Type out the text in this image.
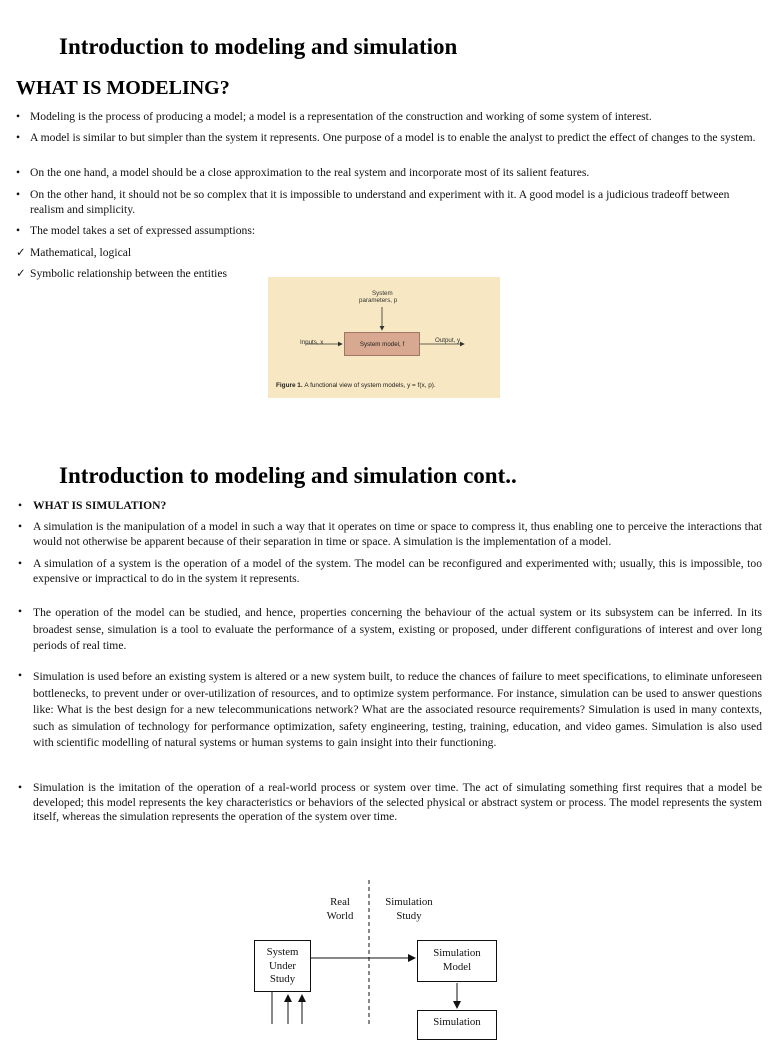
Introduction to modeling and simulation
WHAT IS MODELING?
• Modeling is the process of producing a model; a model is a representation of the construction and working of some system of interest.
• A model is similar to but simpler than the system it represents. One purpose of a model is to enable the analyst to predict the effect of changes to the system.
• On the one hand, a model should be a close approximation to the real system and incorporate most of its salient features.
• On the other hand, it should not be so complex that it is impossible to understand and experiment with it. A good model is a judicious tradeoff between realism and simplicity.
• The model takes a set of expressed assumptions:
✓ Mathematical, logical
✓ Symbolic relationship between the entities
System
parameters, p
Inputs, x	Output, y
System model, f
Figure 1. A functional view of system models, y = f(x, p).
Introduction to modeling and simulation cont..
• WHAT IS SIMULATION?
• A simulation is the manipulation of a model in such a way that it operates on time or space to compress it, thus enabling one to perceive the interactions that would not otherwise be apparent because of their separation in time or space. A simulation is the implementation of a model.
• A simulation of a system is the operation of a model of the system. The model can be reconfigured and experimented with; usually, this is impossible, too expensive or impractical to do in the system it represents.
• The operation of the model can be studied, and hence, properties concerning the behaviour of the actual system or its subsystem can be inferred. In its broadest sense, simulation is a tool to evaluate the performance of a system, existing or proposed, under different configurations of interest and over long periods of real time.
• Simulation is used before an existing system is altered or a new system built, to reduce the chances of failure to meet specifications, to eliminate unforeseen bottlenecks, to prevent under or over-utilization of resources, and to optimize system performance. For instance, simulation can be used to answer questions like: What is the best design for a new telecommunications network? What are the associated resource requirements? Simulation is used in many contexts, such as simulation of technology for performance optimization, safety engineering, testing, training, education, and video games. Simulation is also used with scientific modelling of natural systems or human systems to gain insight into their functioning.
• Simulation is the imitation of the operation of a real-world process or system over time. The act of simulating something first requires that a model be developed; this model represents the key characteristics or behaviors of the selected physical or abstract system or process. The model represents the system itself, whereas the simulation represents the operation of the system over time.
Real
World
Simulation
Study
System
Under
Study
Simulation
Model
Simulation
